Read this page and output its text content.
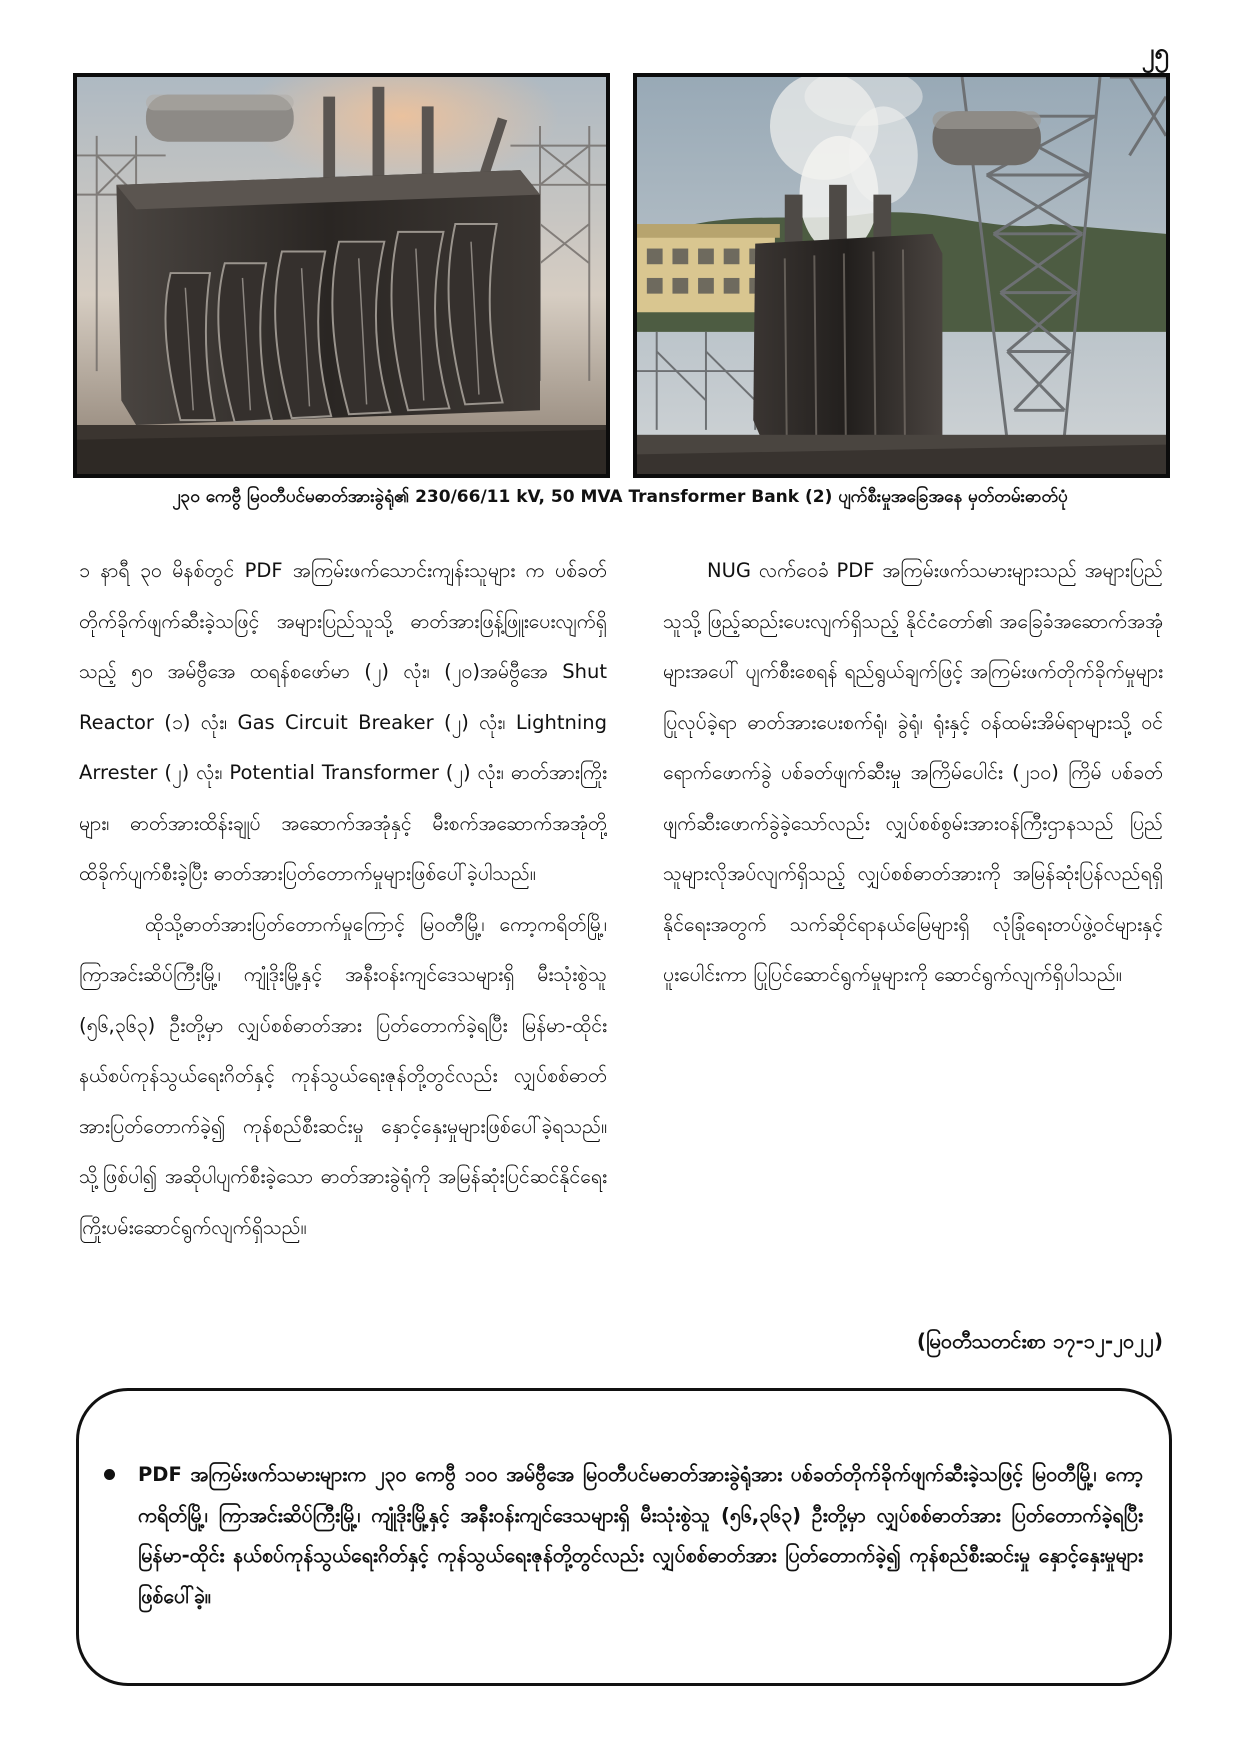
၂၅
၂၃၀ ကေဗွီ မြဝတီပင်မဓာတ်အားခွဲရုံ၏ 230/66/11 kV, 50 MVA Transformer Bank (2) ပျက်စီးမှုအခြေအနေ မှတ်တမ်းဓာတ်ပုံ

၁ နာရီ ၃၀ မိနစ်တွင် PDF အကြမ်းဖက်သောင်းကျန်းသူများ က ပစ်ခတ်တိုက်ခိုက်ဖျက်ဆီးခဲ့သဖြင့် အများပြည်သူသို့ ဓာတ်အားဖြန့်ဖြူးပေးလျက်ရှိသည့် ၅၀ အမ်ဗွီအေ ထရန်စဖော်မာ (၂) လုံး၊ (၂၀)အမ်ဗွီအေ Shut Reactor (၁) လုံး၊ Gas Circuit Breaker (၂) လုံး၊ Lightning Arrester (၂) လုံး၊ Potential Transformer (၂) လုံး၊ ဓာတ်အားကြိုးများ၊ ဓာတ်အားထိန်းချုပ် အဆောက်အအုံနှင့် မီးစက်အဆောက်အအုံတို့ ထိခိုက်ပျက်စီးခဲ့ပြီး ဓာတ်အားပြတ်တောက်မှုများဖြစ်ပေါ်ခဲ့ပါသည်။

ထိုသို့ဓာတ်အားပြတ်တောက်မှုကြောင့် မြဝတီမြို့၊ ကော့ကရိတ်မြို့၊ ကြာအင်းဆိပ်ကြီးမြို့၊ ကျုံဒိုးမြို့နှင့် အနီးဝန်းကျင်ဒေသများရှိ မီးသုံးစွဲသူ (၅၆,၃၆၃) ဦးတို့မှာ လျှပ်စစ်ဓာတ်အား ပြတ်တောက်ခဲ့ရပြီး မြန်မာ-ထိုင်း နယ်စပ်ကုန်သွယ်ရေးဂိတ်နှင့် ကုန်သွယ်ရေးဇုန်တို့တွင်လည်း လျှပ်စစ်ဓာတ်အားပြတ်တောက်ခဲ့၍ ကုန်စည်စီးဆင်းမှု နှောင့်နှေးမှုများဖြစ်ပေါ်ခဲ့ရသည်။ သို့ဖြစ်ပါ၍ အဆိုပါပျက်စီးခဲ့သော ဓာတ်အားခွဲရုံကို အမြန်ဆုံးပြင်ဆင်နိုင်ရေး ကြိုးပမ်းဆောင်ရွက်လျက်ရှိသည်။

NUG လက်ဝေခံ PDF အကြမ်းဖက်သမားများသည် အများပြည်သူသို့ ဖြည့်ဆည်းပေးလျက်ရှိသည့် နိုင်ငံတော်၏ အခြေခံအဆောက်အအုံများအပေါ် ပျက်စီးစေရန် ရည်ရွယ်ချက်ဖြင့် အကြမ်းဖက်တိုက်ခိုက်မှုများ ပြုလုပ်ခဲ့ရာ ဓာတ်အားပေးစက်ရုံ၊ ခွဲရုံ၊ ရုံးနှင့် ဝန်ထမ်းအိမ်ရာများသို့ ဝင်ရောက်ဖောက်ခွဲ ပစ်ခတ်ဖျက်ဆီးမှု အကြိမ်ပေါင်း (၂၁၀) ကြိမ် ပစ်ခတ်ဖျက်ဆီးဖောက်ခွဲခဲ့သော်လည်း လျှပ်စစ်စွမ်းအားဝန်ကြီးဌာနသည် ပြည်သူများလိုအပ်လျက်ရှိသည့် လျှပ်စစ်ဓာတ်အားကို အမြန်ဆုံးပြန်လည်ရရှိနိုင်ရေးအတွက် သက်ဆိုင်ရာနယ်မြေများရှိ လုံခြုံရေးတပ်ဖွဲ့ဝင်များနှင့်ပူးပေါင်းကာ ပြုပြင်ဆောင်ရွက်မှုများကို ဆောင်ရွက်လျက်ရှိပါသည်။

(မြဝတီသတင်းစာ ၁၇-၁၂-၂၀၂၂)
PDF အကြမ်းဖက်သမားများက ၂၃၀ ကေဗွီ ၁၀၀ အမ်ဗွီအေ မြဝတီပင်မဓာတ်အားခွဲရုံအား ပစ်ခတ်တိုက်ခိုက်ဖျက်ဆီးခဲ့သဖြင့် မြဝတီမြို့၊ ကော့ကရိတ်မြို့၊ ကြာအင်းဆိပ်ကြီးမြို့၊ ကျုံဒိုးမြို့နှင့် အနီးဝန်းကျင်ဒေသများရှိ မီးသုံးစွဲသူ (၅၆,၃၆၃) ဦးတို့မှာ လျှပ်စစ်ဓာတ်အား ပြတ်တောက်ခဲ့ရပြီး မြန်မာ-ထိုင်း နယ်စပ်ကုန်သွယ်ရေးဂိတ်နှင့် ကုန်သွယ်ရေးဇုန်တို့တွင်လည်း လျှပ်စစ်ဓာတ်အား ပြတ်တောက်ခဲ့၍ ကုန်စည်စီးဆင်းမှု နှောင့်နှေးမှုများဖြစ်ပေါ်ခဲ့။
